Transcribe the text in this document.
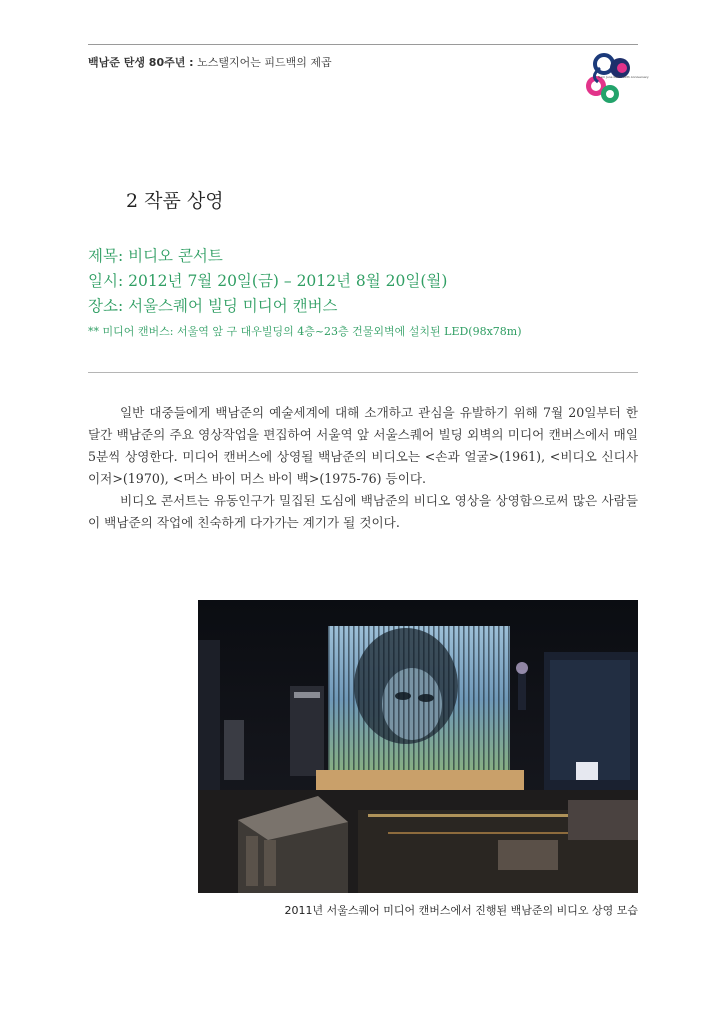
백남준 탄생 80주년 : 노스탤지어는 피드백의 제곱
Nam June Paik's 80th Anniversary
2 작품 상영
제목: 비디오 콘서트
일시: 2012년 7월 20일(금) – 2012년 8월 20일(월)
장소: 서울스퀘어 빌딩 미디어 캔버스
** 미디어 캔버스: 서울역 앞 구 대우빌딩의 4층~23층 건물외벽에 설치된 LED(98x78m)

일반 대중들에게 백남준의 예술세계에 대해 소개하고 관심을 유발하기 위해 7월 20일부터 한달간 백남준의 주요 영상작업을 편집하여 서울역 앞 서울스퀘어 빌딩 외벽의 미디어 캔버스에서 매일 5분씩 상영한다. 미디어 캔버스에 상영될 백남준의 비디오는 <손과 얼굴>(1961), <비디오 신디사이저>(1970), <머스 바이 머스 바이 백>(1975-76) 등이다.

비디오 콘서트는 유동인구가 밀집된 도심에 백남준의 비디오 영상을 상영함으로써 많은 사람들이 백남준의 작업에 친숙하게 다가가는 계기가 될 것이다.

2011년 서울스퀘어 미디어 캔버스에서 진행된 백남준의 비디오 상영 모습
